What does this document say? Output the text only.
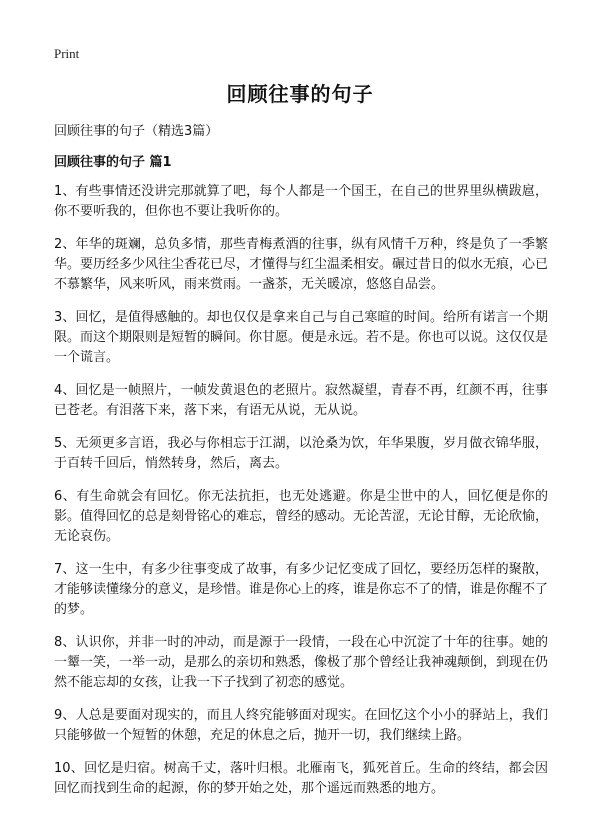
Print
回顾往事的句子
回顾往事的句子（精选3篇）
回顾往事的句子 篇1

1、有些事情还没讲完那就算了吧，每个人都是一个国王，在自己的世界里纵横跋扈，你不要听我的，但你也不要让我听你的。

2、年华的斑斓，总负多情，那些青梅煮酒的往事，纵有风情千万种，终是负了一季繁华。要历经多少风往尘香花已尽，才懂得与红尘温柔相安。碾过昔日的似水无痕，心已不慕繁华，风来听风，雨来赏雨。一盏茶，无关暖凉，悠悠自品尝。

3、回忆，是值得感触的。却也仅仅是拿来自己与自己寒暄的时间。给所有诺言一个期限。而这个期限则是短暂的瞬间。你甘愿。便是永远。若不是。你也可以说。这仅仅是一个谎言。

4、回忆是一帧照片，一帧发黄退色的老照片。寂然凝望，青春不再，红颜不再，往事已苍老。有泪落下来，落下来，有语无从说，无从说。

5、无须更多言语，我必与你相忘于江湖，以沧桑为饮，年华果腹，岁月做衣锦华服，于百转千回后，悄然转身，然后，离去。

6、有生命就会有回忆。你无法抗拒，也无处逃避。你是尘世中的人，回忆便是你的影。值得回忆的总是刻骨铭心的难忘，曾经的感动。无论苦涩，无论甘醇，无论欣愉，无论哀伤。

7、这一生中，有多少往事变成了故事，有多少记忆变成了回忆，要经历怎样的聚散，才能够读懂缘分的意义，是珍惜。谁是你心上的疼，谁是你忘不了的情，谁是你醒不了的梦。

8、认识你，并非一时的冲动，而是源于一段情，一段在心中沉淀了十年的往事。她的一颦一笑，一举一动，是那么的亲切和熟悉，像极了那个曾经让我神魂颠倒，到现在仍然不能忘却的女孩，让我一下子找到了初恋的感觉。

9、人总是要面对现实的，而且人终究能够面对现实。在回忆这个小小的驿站上，我们只能够做一个短暂的休憩，充足的休息之后，抛开一切，我们继续上路。

10、回忆是归宿。树高千丈，落叶归根。北雁南飞，狐死首丘。生命的终结，都会因回忆而找到生命的起源，你的梦开始之处，那个遥远而熟悉的地方。
